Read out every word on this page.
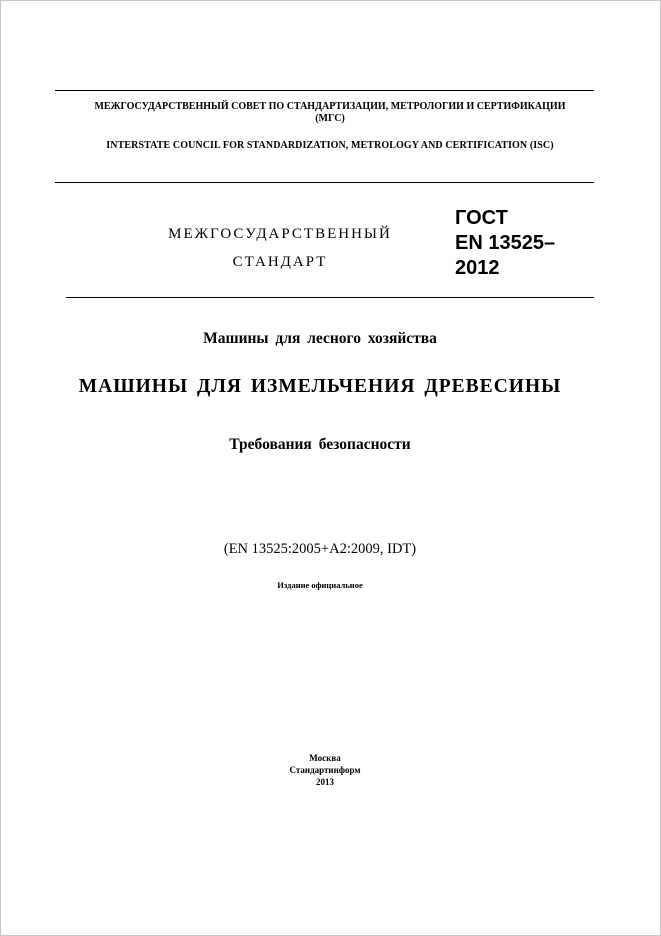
МЕЖГОСУДАРСТВЕННЫЙ СОВЕТ ПО СТАНДАРТИЗАЦИИ, МЕТРОЛОГИИ И СЕРТИФИКАЦИИ
(МГС)
INTERSTATE COUNCIL FOR STANDARDIZATION, METROLOGY AND CERTIFICATION (ISC)
МЕЖГОСУДАРСТВЕННЫЙ
СТАНДАРТ
ГОСТ
EN 13525–
2012
Машины для лесного хозяйства
МАШИНЫ ДЛЯ ИЗМЕЛЬЧЕНИЯ ДРЕВЕСИНЫ
Требования безопасности
(EN 13525:2005+A2:2009, IDT)
Издание официальное
Москва
Стандартинформ
2013
